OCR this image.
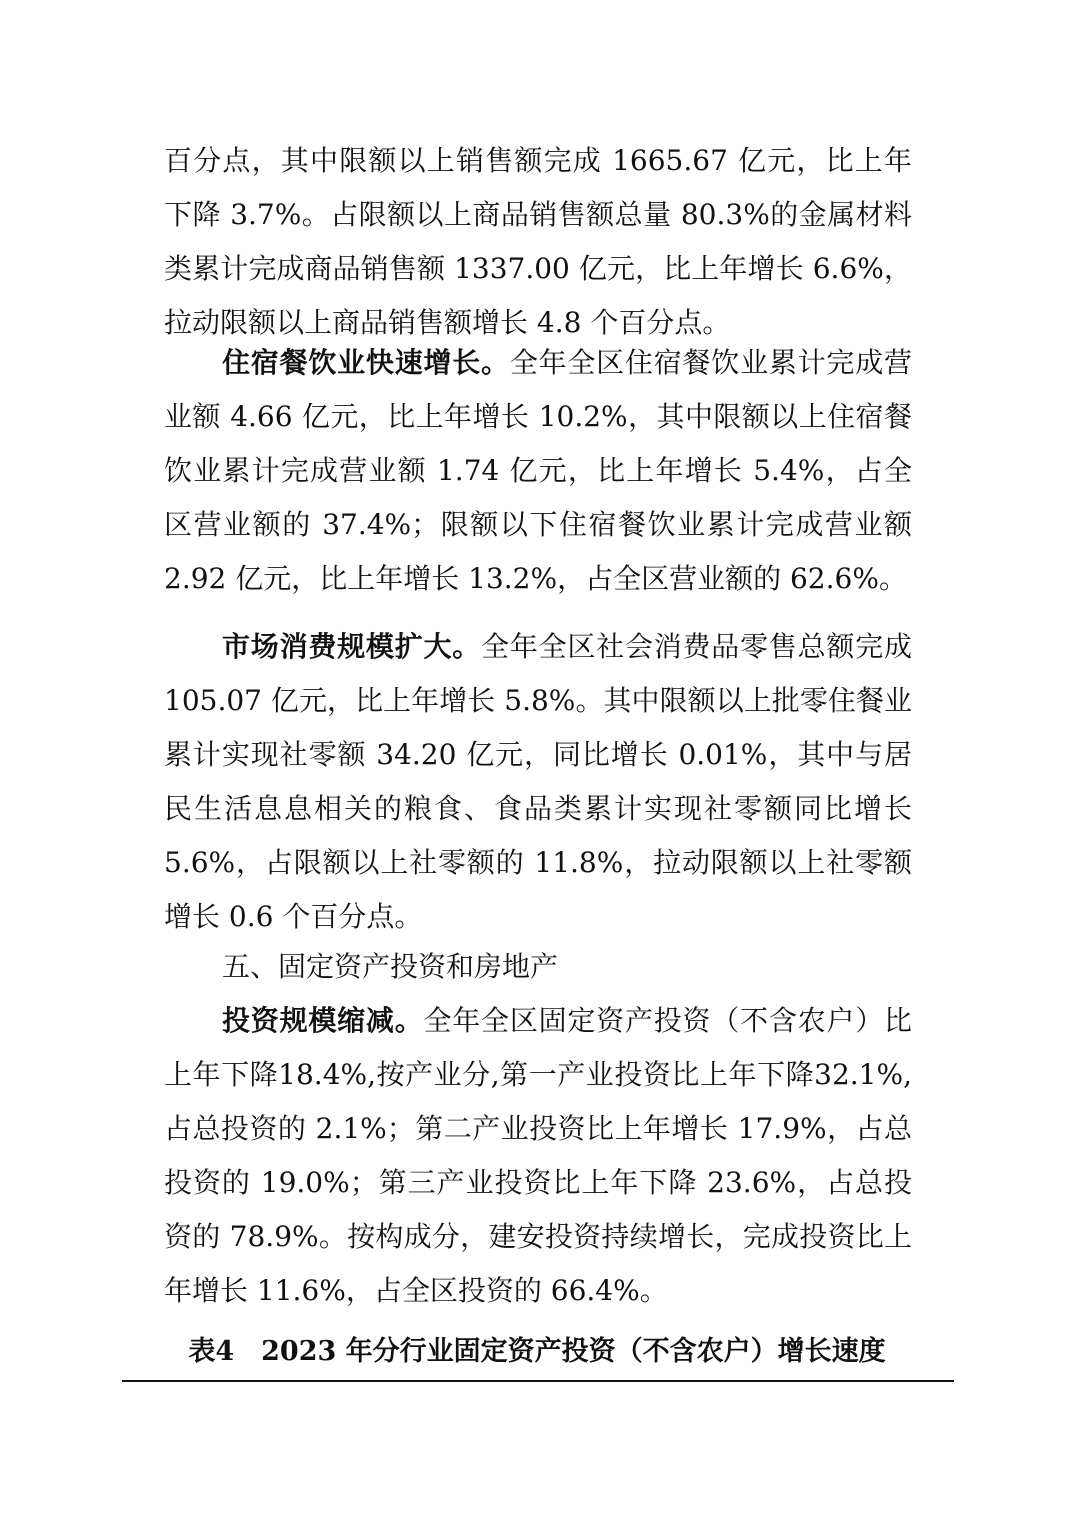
百分点，其中限额以上销售额完成 1665.67 亿元，比上年下降 3.7%。占限额以上商品销售额总量 80.3%的金属材料类累计完成商品销售额 1337.00 亿元，比上年增长 6.6%，拉动限额以上商品销售额增长 4.8 个百分点。

住宿餐饮业快速增长。全年全区住宿餐饮业累计完成营业额 4.66 亿元，比上年增长 10.2%，其中限额以上住宿餐饮业累计完成营业额 1.74 亿元，比上年增长 5.4%，占全区营业额的 37.4%；限额以下住宿餐饮业累计完成营业额 2.92 亿元，比上年增长 13.2%，占全区营业额的 62.6%。

市场消费规模扩大。全年全区社会消费品零售总额完成 105.07 亿元，比上年增长 5.8%。其中限额以上批零住餐业累计实现社零额 34.20 亿元，同比增长 0.01%，其中与居民生活息息相关的粮食、食品类累计实现社零额同比增长 5.6%，占限额以上社零额的 11.8%，拉动限额以上社零额增长 0.6 个百分点。

五、固定资产投资和房地产

投资规模缩减。全年全区固定资产投资（不含农户）比上年下降18.4%,按产业分,第一产业投资比上年下降32.1%,占总投资的 2.1%；第二产业投资比上年增长 17.9%，占总投资的 19.0%；第三产业投资比上年下降 23.6%，占总投资的 78.9%。按构成分，建安投资持续增长，完成投资比上年增长 11.6%，占全区投资的 66.4%。

表4　2023 年分行业固定资产投资（不含农户）增长速度
